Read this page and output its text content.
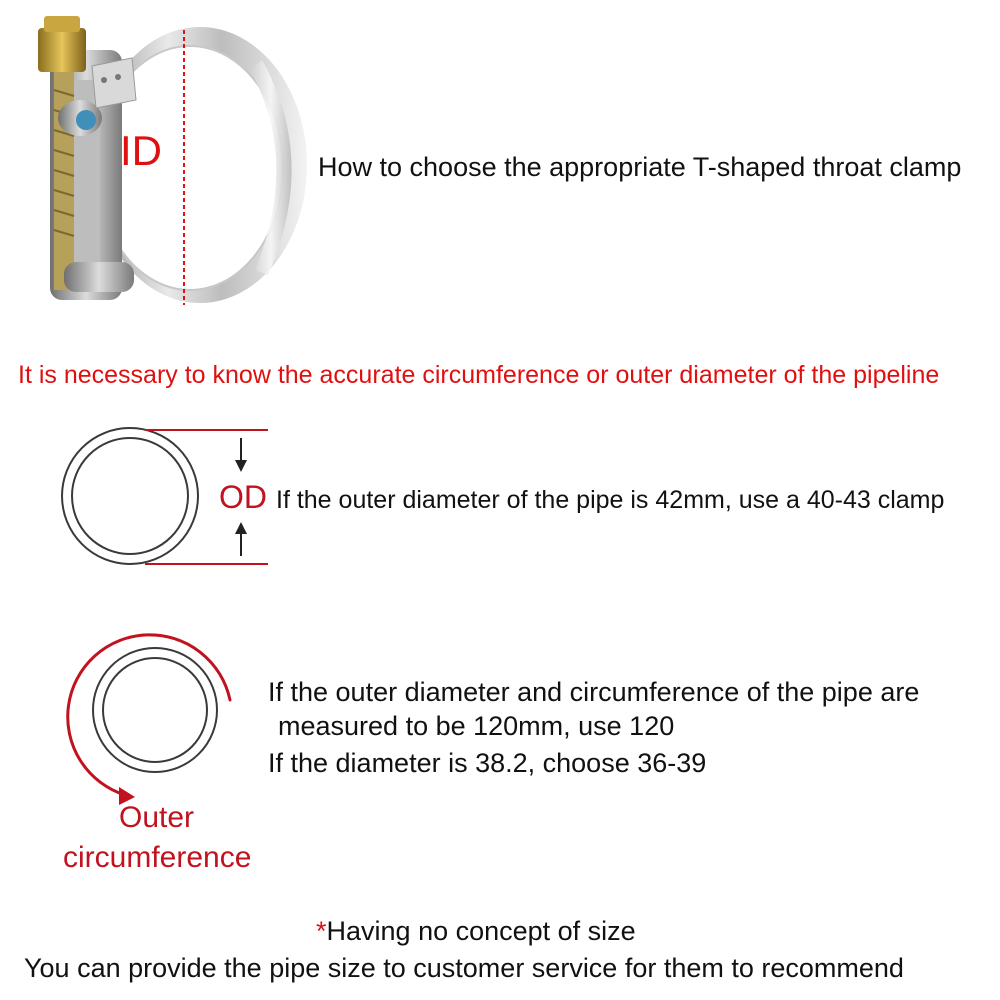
ID	How to choose the appropriate T-shaped throat clamp
It is necessary to know the accurate circumference or outer diameter of the pipeline
OD If the outer diameter of the pipe is 42mm, use a 40-43 clamp
Outer
circumference
If the outer diameter and circumference of the pipe are
measured to be 120mm, use 120
If the diameter is 38.2, choose 36-39
*Having no concept of size
You can provide the pipe size to customer service for them to recommend
